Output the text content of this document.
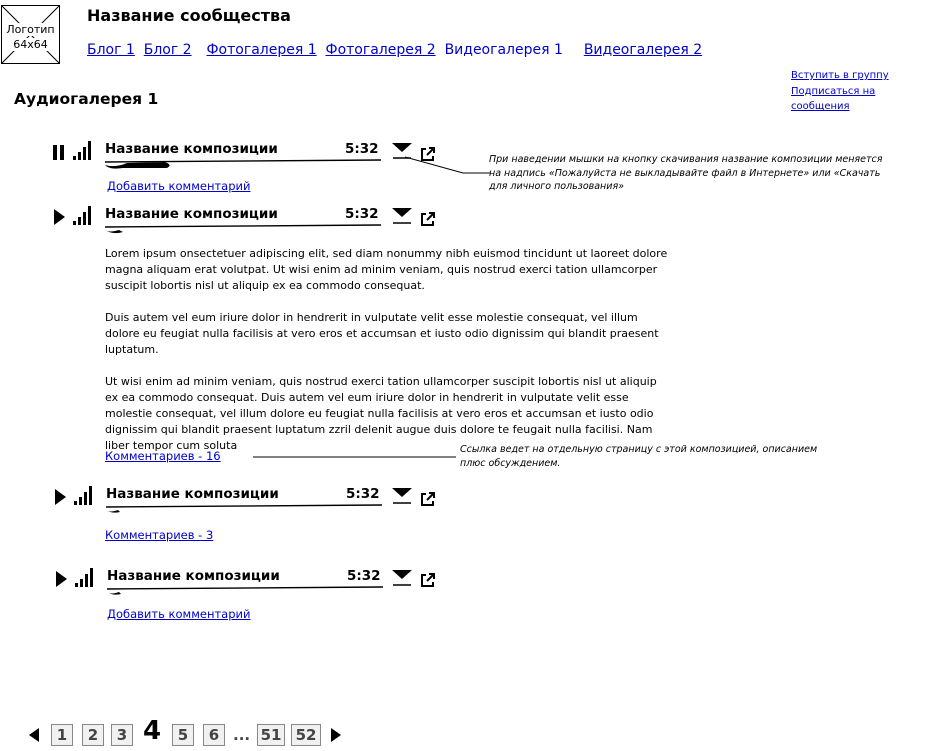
Логотип
64x64
Название сообщества
Блог 1 Блог 2 Фотогалерея 1 Фотогалерея 2 Видеогалерея 1 Видеогалерея 2
Вступить в группу
Подписаться на сообщения
Аудиогалерея 1
Название композиции	5:32
Добавить комментарий
При наведении мышки на кнопку скачивания название композиции меняется на надпись «Пожалуйста не выкладывайте файл в Интернете» или «Скачать для личного пользования»
Название композиции	5:32

Lorem ipsum onsectetuer adipiscing elit, sed diam nonummy nibh euismod tincidunt ut laoreet dolore magna aliquam erat volutpat. Ut wisi enim ad minim veniam, quis nostrud exerci tation ullamcorper suscipit lobortis nisl ut aliquip ex ea commodo consequat.

Duis autem vel eum iriure dolor in hendrerit in vulputate velit esse molestie consequat, vel illum dolore eu feugiat nulla facilisis at vero eros et accumsan et iusto odio dignissim qui blandit praesent luptatum.

Ut wisi enim ad minim veniam, quis nostrud exerci tation ullamcorper suscipit lobortis nisl ut aliquip ex ea commodo consequat. Duis autem vel eum iriure dolor in hendrerit in vulputate velit esse molestie consequat, vel illum dolore eu feugiat nulla facilisis at vero eros et accumsan et iusto odio dignissim qui blandit praesent luptatum zzril delenit augue duis dolore te feugait nulla facilisi. Nam liber tempor cum soluta

Комментариев - 16	Ссылка ведет на отдельную страницу с этой композицией, описанием плюс обсуждением.
Название композиции	5:32
Комментариев - 3
Название композиции	5:32
Добавить комментарий
1	2	3 4	5	6 ... 51 52
